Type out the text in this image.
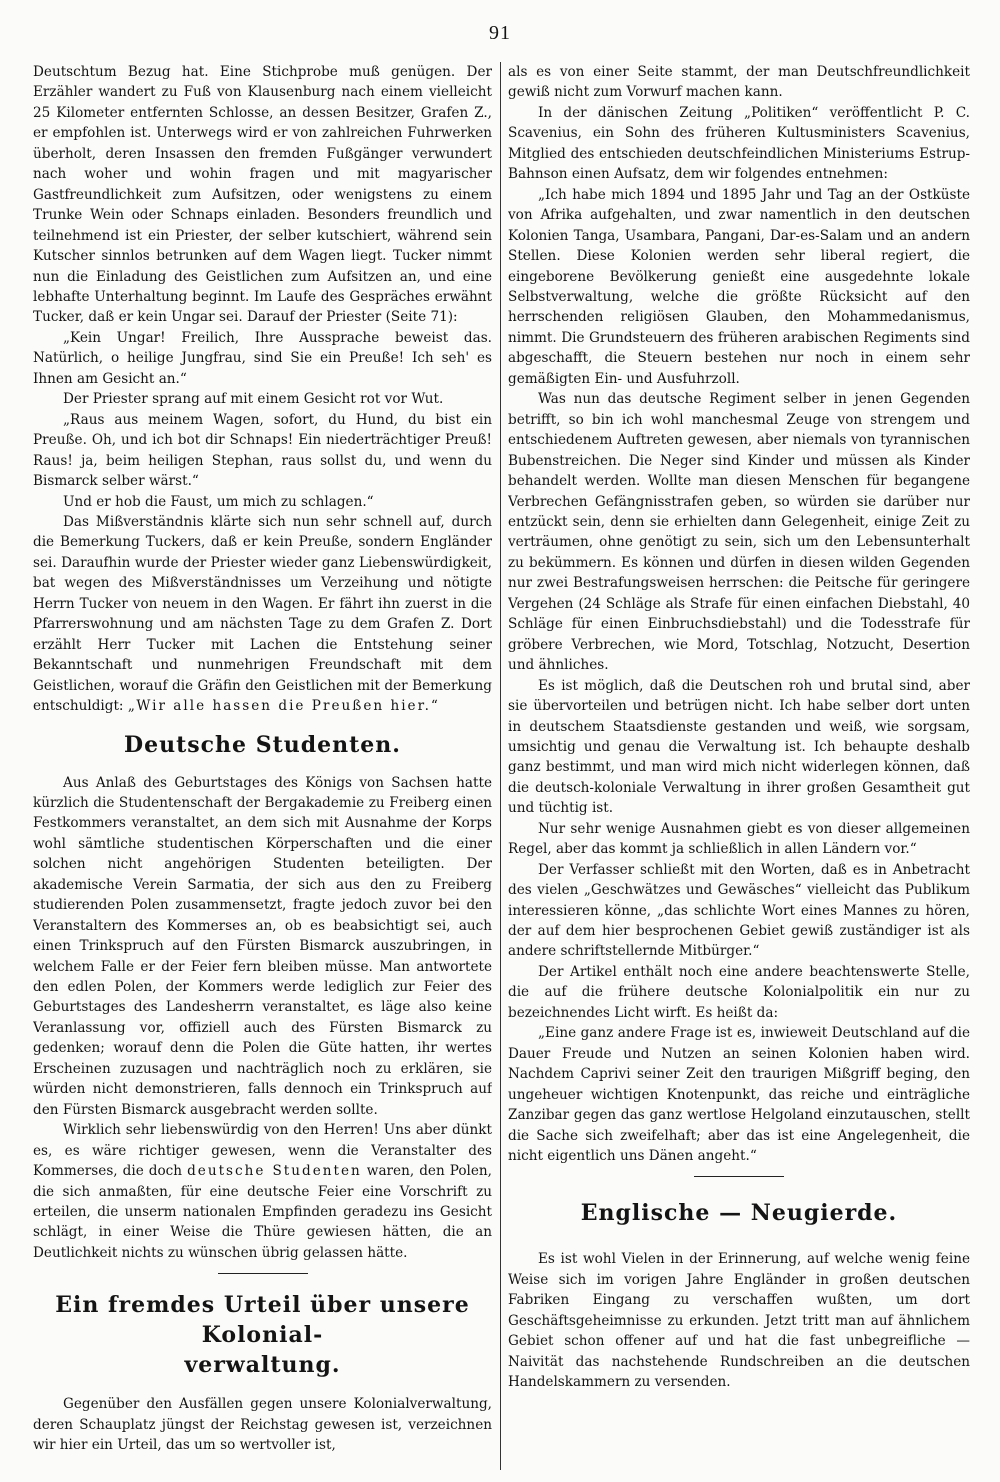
91

Deutschtum Bezug hat. Eine Stichprobe muß genügen. Der Erzähler wandert zu Fuß von Klausenburg nach einem vielleicht 25 Kilometer entfernten Schlosse, an dessen Besitzer, Grafen Z., er empfohlen ist. Unterwegs wird er von zahlreichen Fuhrwerken überholt, deren Insassen den fremden Fußgänger verwundert nach woher und wohin fragen und mit magyarischer Gastfreundlichkeit zum Aufsitzen, oder wenigstens zu einem Trunke Wein oder Schnaps einladen. Besonders freundlich und teilnehmend ist ein Priester, der selber kutschiert, während sein Kutscher sinnlos betrunken auf dem Wagen liegt. Tucker nimmt nun die Einladung des Geistlichen zum Aufsitzen an, und eine lebhafte Unterhaltung beginnt. Im Laufe des Gespräches erwähnt Tucker, daß er kein Ungar sei. Darauf der Priester (Seite 71):

„Kein Ungar! Freilich, Ihre Aussprache beweist das. Natürlich, o heilige Jungfrau, sind Sie ein Preuße! Ich seh' es Ihnen am Gesicht an.“

Der Priester sprang auf mit einem Gesicht rot vor Wut.

„Raus aus meinem Wagen, sofort, du Hund, du bist ein Preuße. Oh, und ich bot dir Schnaps! Ein niederträchtiger Preuß! Raus! ja, beim heiligen Stephan, raus sollst du, und wenn du Bismarck selber wärst.“

Und er hob die Faust, um mich zu schlagen.“

Das Mißverständnis klärte sich nun sehr schnell auf, durch die Bemerkung Tuckers, daß er kein Preuße, sondern Engländer sei. Daraufhin wurde der Priester wieder ganz Liebenswürdigkeit, bat wegen des Mißverständnisses um Verzeihung und nötigte Herrn Tucker von neuem in den Wagen. Er fährt ihn zuerst in die Pfarrerswohnung und am nächsten Tage zu dem Grafen Z. Dort erzählt Herr Tucker mit Lachen die Entstehung seiner Bekanntschaft und nunmehrigen Freundschaft mit dem Geistlichen, worauf die Gräfin den Geistlichen mit der Bemerkung entschuldigt: „Wir alle hassen die Preußen hier.“

Deutsche Studenten.

Aus Anlaß des Geburtstages des Königs von Sachsen hatte kürzlich die Studentenschaft der Bergakademie zu Freiberg einen Festkommers veranstaltet, an dem sich mit Ausnahme der Korps wohl sämtliche studentischen Körperschaften und die einer solchen nicht angehörigen Studenten beteiligten. Der akademische Verein Sarmatia, der sich aus den zu Freiberg studierenden Polen zusammensetzt, fragte jedoch zuvor bei den Veranstaltern des Kommerses an, ob es beabsichtigt sei, auch einen Trinkspruch auf den Fürsten Bismarck auszubringen, in welchem Falle er der Feier fern bleiben müsse. Man antwortete den edlen Polen, der Kommers werde lediglich zur Feier des Geburtstages des Landesherrn veranstaltet, es läge also keine Veranlassung vor, offiziell auch des Fürsten Bismarck zu gedenken; worauf denn die Polen die Güte hatten, ihr wertes Erscheinen zuzusagen und nachträglich noch zu erklären, sie würden nicht demonstrieren, falls dennoch ein Trinkspruch auf den Fürsten Bismarck ausgebracht werden sollte.

Wirklich sehr liebenswürdig von den Herren! Uns aber dünkt es, es wäre richtiger gewesen, wenn die Veranstalter des Kommerses, die doch deutsche Studenten waren, den Polen, die sich anmaßten, für eine deutsche Feier eine Vorschrift zu erteilen, die unserm nationalen Empfinden geradezu ins Gesicht schlägt, in einer Weise die Thüre gewiesen hätten, die an Deutlichkeit nichts zu wünschen übrig gelassen hätte.

Ein fremdes Urteil über unsere Kolonial-
verwaltung.

Gegenüber den Ausfällen gegen unsere Kolonialverwaltung, deren Schauplatz jüngst der Reichstag gewesen ist, verzeichnen wir hier ein Urteil, das um so wertvoller ist,

als es von einer Seite stammt, der man Deutschfreundlichkeit gewiß nicht zum Vorwurf machen kann.

In der dänischen Zeitung „Politiken“ veröffentlicht P. C. Scavenius, ein Sohn des früheren Kultusministers Scavenius, Mitglied des entschieden deutschfeindlichen Ministeriums Estrup-Bahnson einen Aufsatz, dem wir folgendes entnehmen:

„Ich habe mich 1894 und 1895 Jahr und Tag an der Ostküste von Afrika aufgehalten, und zwar namentlich in den deutschen Kolonien Tanga, Usambara, Pangani, Dar-es-Salam und an andern Stellen. Diese Kolonien werden sehr liberal regiert, die eingeborene Bevölkerung genießt eine ausgedehnte lokale Selbstverwaltung, welche die größte Rücksicht auf den herrschenden religiösen Glauben, den Mohammedanismus, nimmt. Die Grundsteuern des früheren arabischen Regiments sind abgeschafft, die Steuern bestehen nur noch in einem sehr gemäßigten Ein- und Ausfuhrzoll.

Was nun das deutsche Regiment selber in jenen Gegenden betrifft, so bin ich wohl manchesmal Zeuge von strengem und entschiedenem Auftreten gewesen, aber niemals von tyrannischen Bubenstreichen. Die Neger sind Kinder und müssen als Kinder behandelt werden. Wollte man diesen Menschen für begangene Verbrechen Gefängnisstrafen geben, so würden sie darüber nur entzückt sein, denn sie erhielten dann Gelegenheit, einige Zeit zu verträumen, ohne genötigt zu sein, sich um den Lebensunterhalt zu bekümmern. Es können und dürfen in diesen wilden Gegenden nur zwei Bestrafungsweisen herrschen: die Peitsche für geringere Vergehen (24 Schläge als Strafe für einen einfachen Diebstahl, 40 Schläge für einen Einbruchsdiebstahl) und die Todesstrafe für gröbere Verbrechen, wie Mord, Totschlag, Notzucht, Desertion und ähnliches.

Es ist möglich, daß die Deutschen roh und brutal sind, aber sie übervorteilen und betrügen nicht. Ich habe selber dort unten in deutschem Staatsdienste gestanden und weiß, wie sorgsam, umsichtig und genau die Verwaltung ist. Ich behaupte deshalb ganz bestimmt, und man wird mich nicht widerlegen können, daß die deutsch-koloniale Verwaltung in ihrer großen Gesamtheit gut und tüchtig ist.

Nur sehr wenige Ausnahmen giebt es von dieser allgemeinen Regel, aber das kommt ja schließlich in allen Ländern vor.“

Der Verfasser schließt mit den Worten, daß es in Anbetracht des vielen „Geschwätzes und Gewäsches“ vielleicht das Publikum interessieren könne, „das schlichte Wort eines Mannes zu hören, der auf dem hier besprochenen Gebiet gewiß zuständiger ist als andere schriftstellernde Mitbürger.“

Der Artikel enthält noch eine andere beachtenswerte Stelle, die auf die frühere deutsche Kolonialpolitik ein nur zu bezeichnendes Licht wirft. Es heißt da:

„Eine ganz andere Frage ist es, inwieweit Deutschland auf die Dauer Freude und Nutzen an seinen Kolonien haben wird. Nachdem Caprivi seiner Zeit den traurigen Mißgriff beging, den ungeheuer wichtigen Knotenpunkt, das reiche und einträgliche Zanzibar gegen das ganz wertlose Helgoland einzutauschen, stellt die Sache sich zweifelhaft; aber das ist eine Angelegenheit, die nicht eigentlich uns Dänen angeht.“

Englische — Neugierde.

Es ist wohl Vielen in der Erinnerung, auf welche wenig feine Weise sich im vorigen Jahre Engländer in großen deutschen Fabriken Eingang zu verschaffen wußten, um dort Geschäftsgeheimnisse zu erkunden. Jetzt tritt man auf ähnlichem Gebiet schon offener auf und hat die fast unbegreifliche — Naivität das nachstehende Rundschreiben an die deutschen Handelskammern zu versenden.
